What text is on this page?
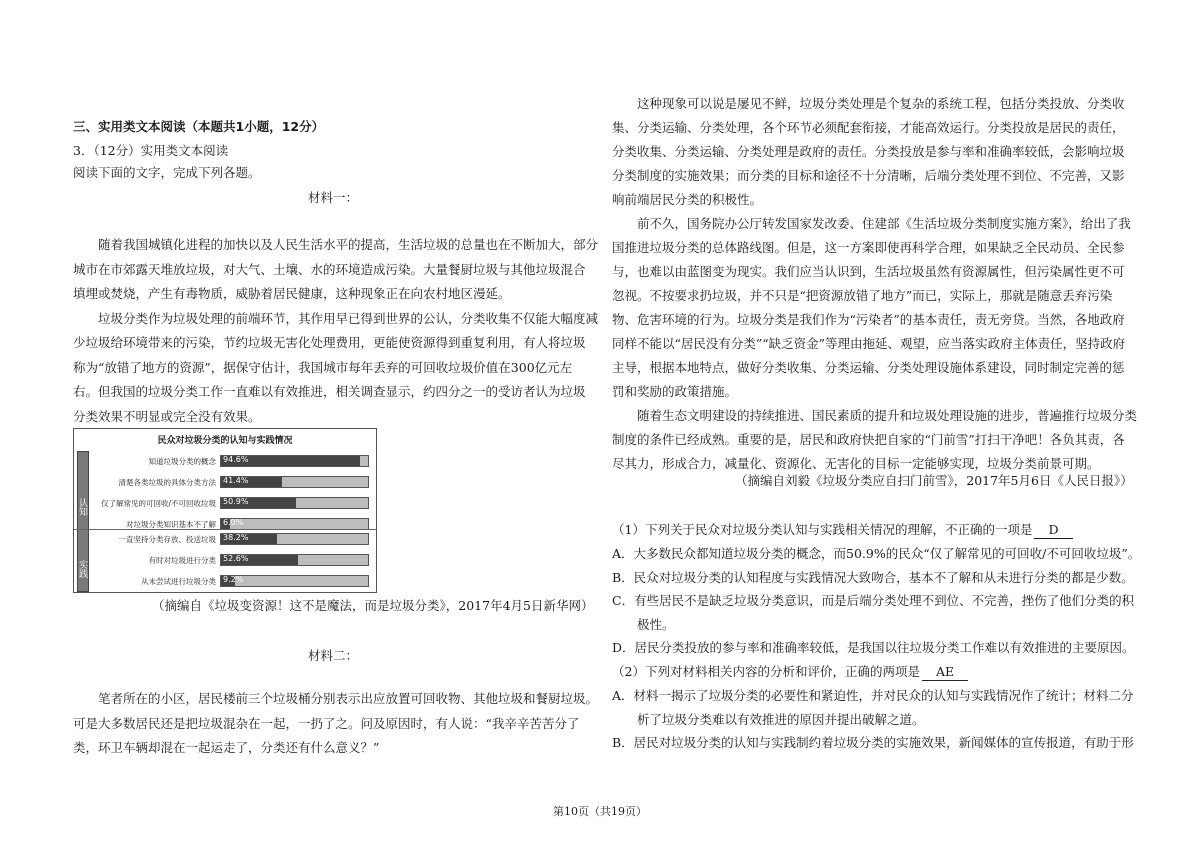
三、实用类文本阅读（本题共1小题，12分）
3．（12分）实用类文本阅读
阅读下面的文字，完成下列各题。
材料一：
　　随着我国城镇化进程的加快以及人民生活水平的提高，生活垃圾的总量也在不断加大，部分
城市在市郊露天堆放垃圾，对大气、土壤、水的环境造成污染。大量餐厨垃圾与其他垃圾混合
填埋或焚烧，产生有毒物质，威胁着居民健康，这种现象正在向农村地区漫延。
　　垃圾分类作为垃圾处理的前端环节，其作用早已得到世界的公认，分类收集不仅能大幅度减
少垃圾给环境带来的污染，节约垃圾无害化处理费用，更能使资源得到重复利用，有人将垃圾
称为“放错了地方的资源”，据保守估计，我国城市每年丢弃的可回收垃圾价值在300亿元左
右。但我国的垃圾分类工作一直难以有效推进，相关调查显示，约四分之一的受访者认为垃圾
分类效果不明显或完全没有效果。
民众对垃圾分类的认知与实践情况
认知
知道垃圾分类的概念 94.6%
清楚各类垃圾的具体分类方法 41.4%
仅了解常见的可回收/不可回收垃圾 50.9%
对垃圾分类知识基本不了解 6.0%
实践
一直坚持分类存放、投送垃圾 38.2%
有时对垃圾进行分类 52.6%
从未尝试进行垃圾分类 9.2%
（摘编自《垃圾变资源！这不是魔法，而是垃圾分类》，2017年4月5日新华网）
材料二：
　　笔者所在的小区，居民楼前三个垃圾桶分别表示出应放置可回收物、其他垃圾和餐厨垃圾。
可是大多数居民还是把垃圾混杂在一起，一扔了之。问及原因时，有人说：“我辛辛苦苦分了
类，环卫车辆却混在一起运走了，分类还有什么意义？”
　　这种现象可以说是屡见不鲜，垃圾分类处理是个复杂的系统工程，包括分类投放、分类收
集、分类运输、分类处理，各个环节必须配套衔接，才能高效运行。分类投放是居民的责任，
分类收集、分类运输、分类处理是政府的责任。分类投放是参与率和准确率较低，会影响垃圾
分类制度的实施效果；而分类的目标和途径不十分清晰，后端分类处理不到位、不完善，又影
响前端居民分类的积极性。
　　前不久，国务院办公厅转发国家发改委、住建部《生活垃圾分类制度实施方案》，给出了我
国推进垃圾分类的总体路线图。但是，这一方案即使再科学合理，如果缺乏全民动员、全民参
与，也难以由蓝图变为现实。我们应当认识到，生活垃圾虽然有资源属性，但污染属性更不可
忽视。不按要求扔垃圾，并不只是“把资源放错了地方”而已，实际上，那就是随意丢弃污染
物、危害环境的行为。垃圾分类是我们作为“污染者”的基本责任，责无旁贷。当然，各地政府
同样不能以“居民没有分类”“缺乏资金”等理由拖延、观望，应当落实政府主体责任，坚持政府
主导，根据本地特点，做好分类收集、分类运输、分类处理设施体系建设，同时制定完善的惩
罚和奖励的政策措施。
　　随着生态文明建设的持续推进、国民素质的提升和垃圾处理设施的进步，普遍推行垃圾分类
制度的条件已经成熟。重要的是，居民和政府快把自家的“门前雪”打扫干净吧！各负其责，各
尽其力，形成合力，减量化、资源化、无害化的目标一定能够实现，垃圾分类前景可期。
（摘编自刘毅《垃圾分类应自扫门前雪》，2017年5月6日《人民日报》）
（1）下列关于民众对垃圾分类认知与实践相关情况的理解，不正确的一项是 D
A．大多数民众都知道垃圾分类的概念，而50.9%的民众“仅了解常见的可回收/不可回收垃圾”。
B．民众对垃圾分类的认知程度与实践情况大致吻合，基本不了解和从未进行分类的都是少数。
C．有些居民不是缺乏垃圾分类意识，而是后端分类处理不到位、不完善，挫伤了他们分类的积
　　极性。
D．居民分类投放的参与率和准确率较低，是我国以往垃圾分类工作难以有效推进的主要原因。
（2）下列对材料相关内容的分析和评价，正确的两项是 AE
A．材料一揭示了垃圾分类的必要性和紧迫性，并对民众的认知与实践情况作了统计；材料二分
　　析了垃圾分类难以有效推进的原因并提出破解之道。
B．居民对垃圾分类的认知与实践制约着垃圾分类的实施效果，新闻媒体的宣传报道，有助于形
第10页（共19页）
